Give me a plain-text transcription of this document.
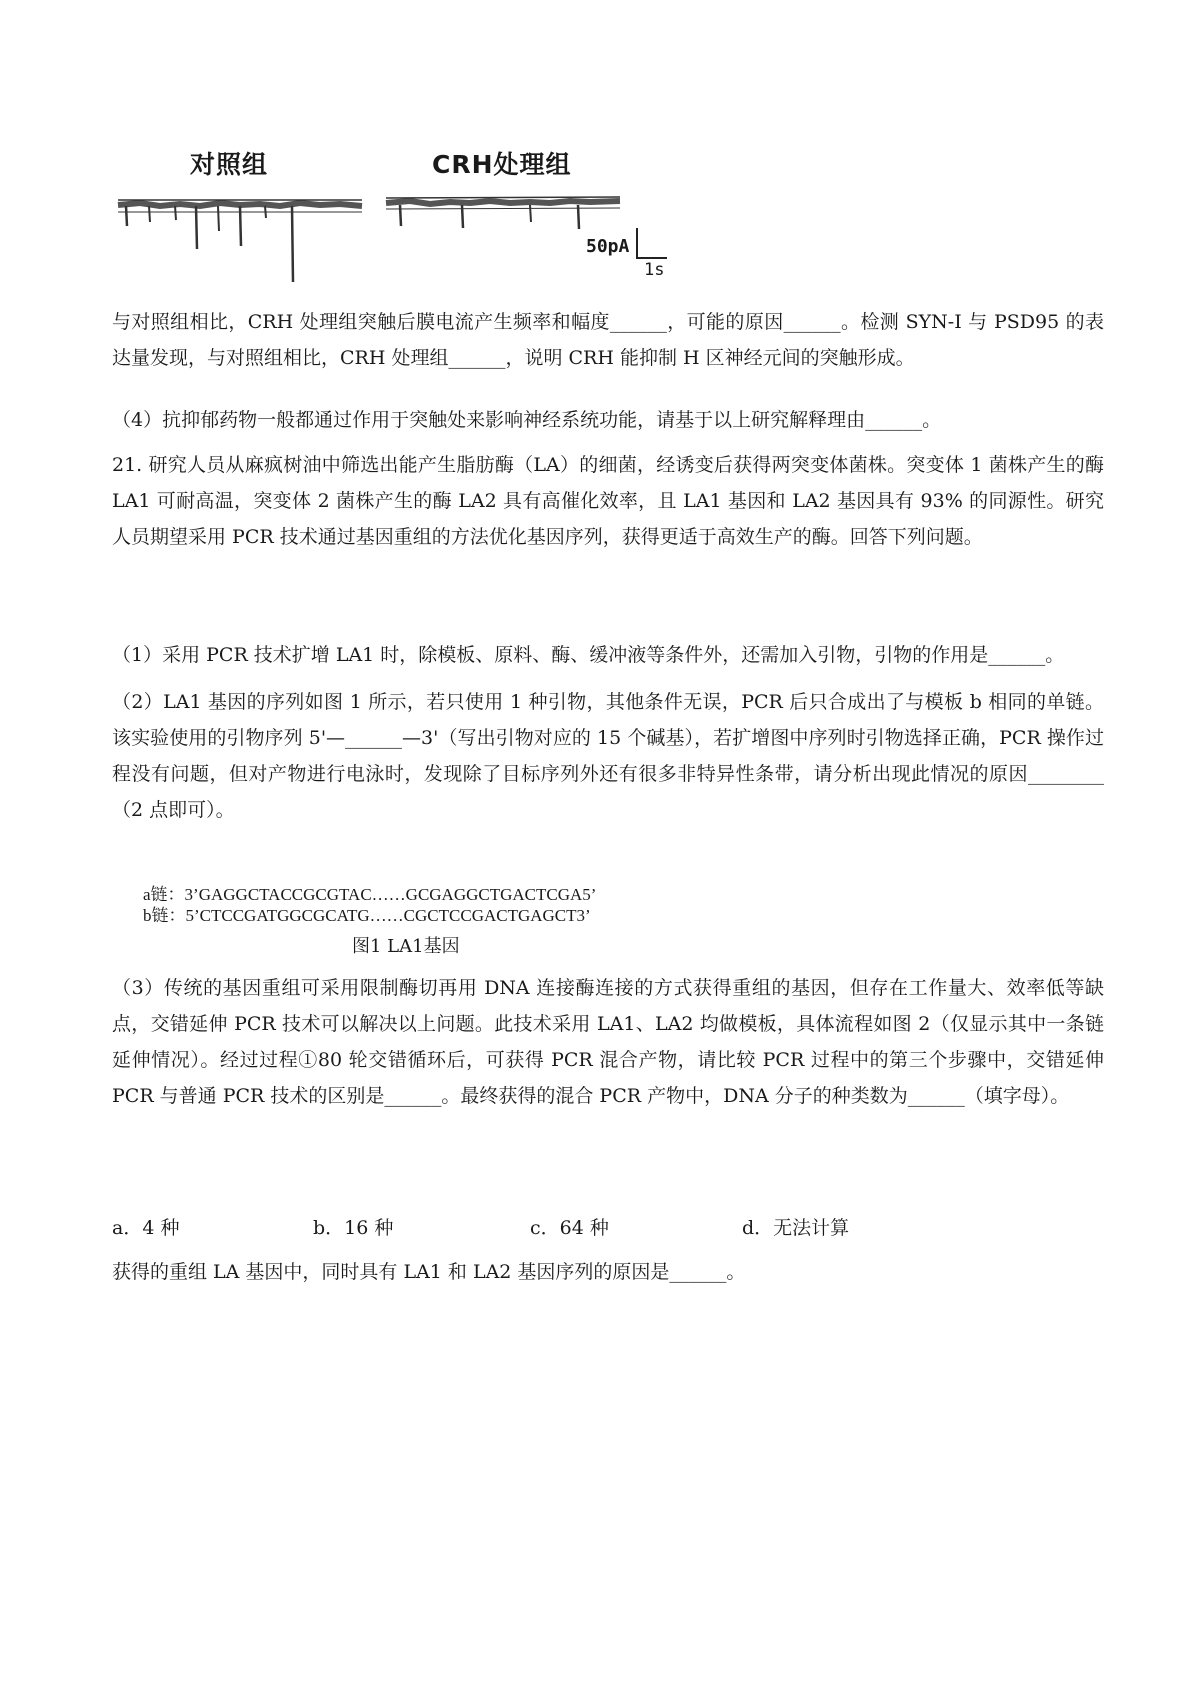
对照组	CRH处理组
50pA
1s
与对照组相比，CRH 处理组突触后膜电流产生频率和幅度______，可能的原因______。检测 SYN-I 与 PSD95 的表达量发现，与对照组相比，CRH 处理组______，说明 CRH 能抑制 H 区神经元间的突触形成。
（4）抗抑郁药物一般都通过作用于突触处来影响神经系统功能，请基于以上研究解释理由______。
21. 研究人员从麻疯树油中筛选出能产生脂肪酶（LA）的细菌，经诱变后获得两突变体菌株。突变体 1 菌株产生的酶 LA1 可耐高温，突变体 2 菌株产生的酶 LA2 具有高催化效率，且 LA1 基因和 LA2 基因具有 93% 的同源性。研究人员期望采用 PCR 技术通过基因重组的方法优化基因序列，获得更适于高效生产的酶。回答下列问题。
（1）采用 PCR 技术扩增 LA1 时，除模板、原料、酶、缓冲液等条件外，还需加入引物，引物的作用是______。
（2）LA1 基因的序列如图 1 所示，若只使用 1 种引物，其他条件无误，PCR 后只合成出了与模板 b 相同的单链。该实验使用的引物序列 5'—______—3'（写出引物对应的 15 个碱基），若扩增图中序列时引物选择正确，PCR 操作过程没有问题，但对产物进行电泳时，发现除了目标序列外还有很多非特异性条带，请分析出现此情况的原因________（2 点即可）。
a链：3’GAGGCTACCGCGTAC……GCGAGGCTGACTCGA5’
b链：5’CTCCGATGGCGCATG……CGCTCCGACTGAGCT3’
图1 LA1基因
（3）传统的基因重组可采用限制酶切再用 DNA 连接酶连接的方式获得重组的基因，但存在工作量大、效率低等缺点，交错延伸 PCR 技术可以解决以上问题。此技术采用 LA1、LA2 均做模板，具体流程如图 2（仅显示其中一条链延伸情况）。经过过程①80 轮交错循环后，可获得 PCR 混合产物，请比较 PCR 过程中的第三个步骤中，交错延伸 PCR 与普通 PCR 技术的区别是______。最终获得的混合 PCR 产物中，DNA 分子的种类数为______（填字母）。
a．4 种	b．16 种	c．64 种	d．无法计算
获得的重组 LA 基因中，同时具有 LA1 和 LA2 基因序列的原因是______。
